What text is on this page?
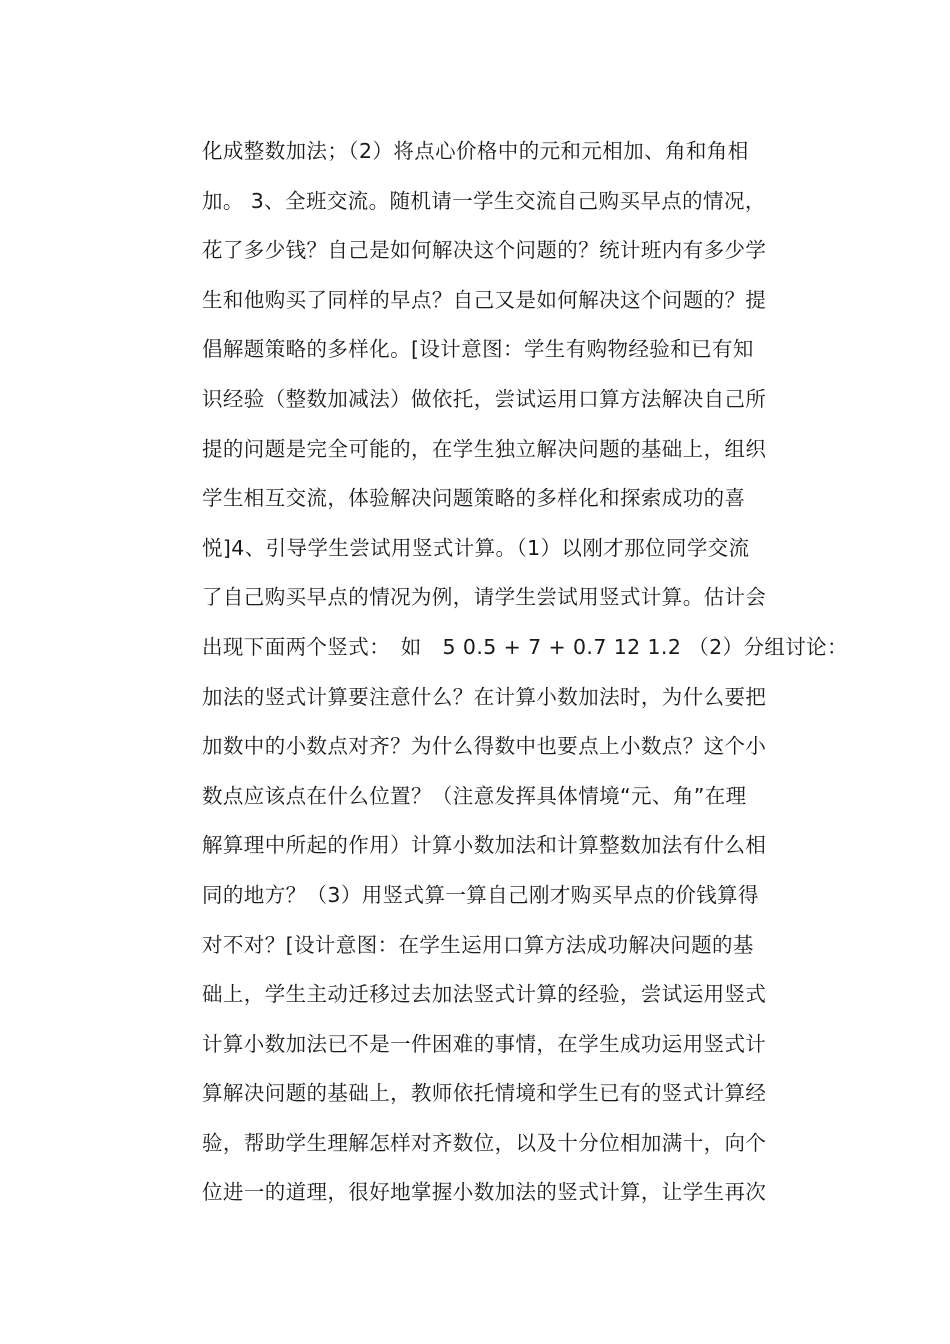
化成整数加法；（2）将点心价格中的元和元相加、角和角相
加。 3、全班交流。随机请一学生交流自己购买早点的情况，
花了多少钱？自己是如何解决这个问题的？统计班内有多少学
生和他购买了同样的早点？自己又是如何解决这个问题的？提
倡解题策略的多样化。[设计意图：学生有购物经验和已有知
识经验（整数加减法）做依托，尝试运用口算方法解决自己所
提的问题是完全可能的，在学生独立解决问题的基础上，组织
学生相互交流，体验解决问题策略的多样化和探索成功的喜
悦]4、引导学生尝试用竖式计算。（1）以刚才那位同学交流
了自己购买早点的情况为例，请学生尝试用竖式计算。估计会
出现下面两个竖式：　如　5 0.5 + 7 + 0.7 12 1.2 （2）分组讨论：
加法的竖式计算要注意什么？在计算小数加法时，为什么要把
加数中的小数点对齐？为什么得数中也要点上小数点？这个小
数点应该点在什么位置？（注意发挥具体情境“元、角”在理
解算理中所起的作用）计算小数加法和计算整数加法有什么相
同的地方？（3）用竖式算一算自己刚才购买早点的价钱算得
对不对？[设计意图：在学生运用口算方法成功解决问题的基
础上，学生主动迁移过去加法竖式计算的经验，尝试运用竖式
计算小数加法已不是一件困难的事情，在学生成功运用竖式计
算解决问题的基础上，教师依托情境和学生已有的竖式计算经
验，帮助学生理解怎样对齐数位，以及十分位相加满十，向个
位进一的道理，很好地掌握小数加法的竖式计算，让学生再次
